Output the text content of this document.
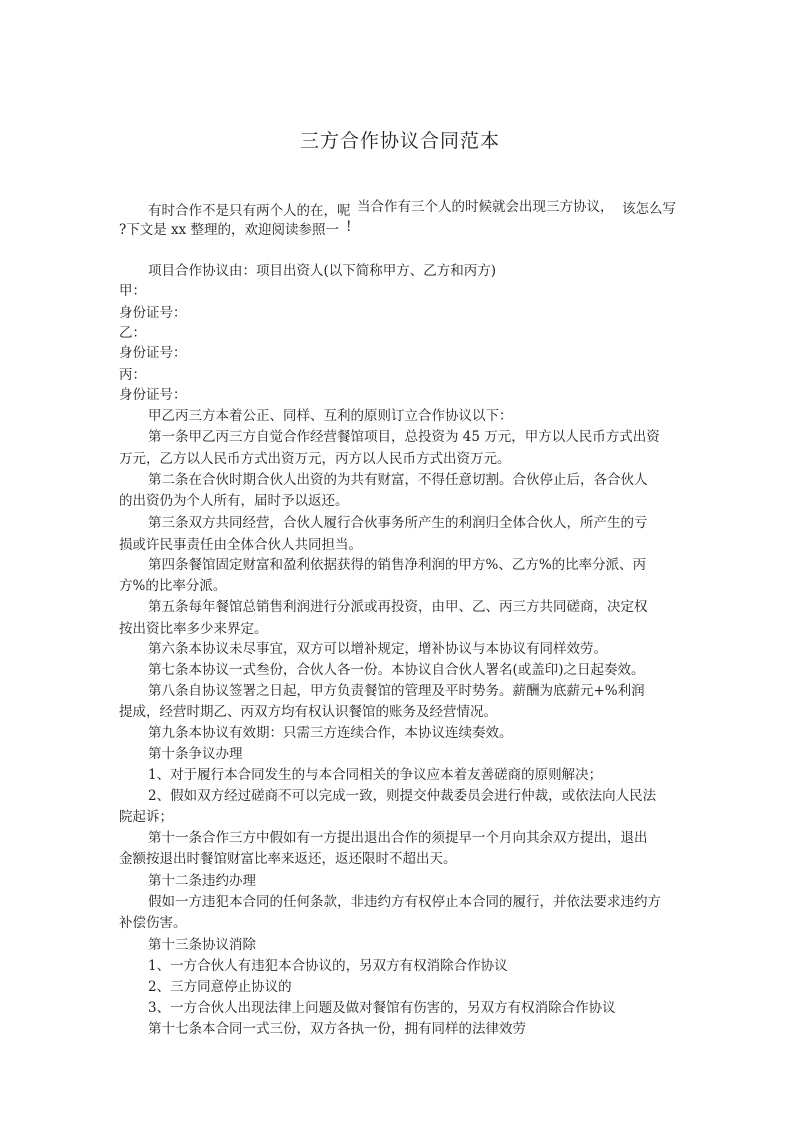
三方合作协议合同范本
有时合作不是只有两个人的在，呢 当合作有三个人的时候就会出现三方协议， 该怎么写
?下文是 xx 整理的，欢迎阅读参照一 !
项目合作协议由：项目出资人(以下简称甲方、乙方和丙方)
甲：
身份证号：
乙：
身份证号：
丙：
身份证号：
甲乙丙三方本着公正、同样、互利的原则订立合作协议以下：
第一条甲乙丙三方自觉合作经营餐馆项目，总投资为 45 万元，甲方以人民币方式出资
万元，乙方以人民币方式出资万元，丙方以人民币方式出资万元。
第二条在合伙时期合伙人出资的为共有财富，不得任意切割。合伙停止后，各合伙人
的出资仍为个人所有，届时予以返还。
第三条双方共同经营，合伙人履行合伙事务所产生的利润归全体合伙人，所产生的亏
损或许民事责任由全体合伙人共同担当。
第四条餐馆固定财富和盈利依据获得的销售净利润的甲方%、乙方%的比率分派、丙
方%的比率分派。
第五条每年餐馆总销售利润进行分派或再投资，由甲、乙、丙三方共同磋商，决定权
按出资比率多少来界定。
第六条本协议未尽事宜，双方可以增补规定，增补协议与本协议有同样效劳。
第七条本协议一式叁份，合伙人各一份。本协议自合伙人署名(或盖印)之日起奏效。
第八条自协议签署之日起，甲方负责餐馆的管理及平时势务。薪酬为底薪元+%利润
提成，经营时期乙、丙双方均有权认识餐馆的账务及经营情况。
第九条本协议有效期：只需三方连续合作，本协议连续奏效。
第十条争议办理
1、对于履行本合同发生的与本合同相关的争议应本着友善磋商的原则解决；
2、假如双方经过磋商不可以完成一致，则提交仲裁委员会进行仲裁，或依法向人民法
院起诉；
第十一条合作三方中假如有一方提出退出合作的须提早一个月向其余双方提出，退出
金额按退出时餐馆财富比率来返还，返还限时不超出天。
第十二条违约办理
假如一方违犯本合同的任何条款，非违约方有权停止本合同的履行，并依法要求违约方
补偿伤害。
第十三条协议消除
1、一方合伙人有违犯本合协议的，另双方有权消除合作协议
2、三方同意停止协议的
3、一方合伙人出现法律上问题及做对餐馆有伤害的，另双方有权消除合作协议
第十七条本合同一式三份，双方各执一份，拥有同样的法律效劳
